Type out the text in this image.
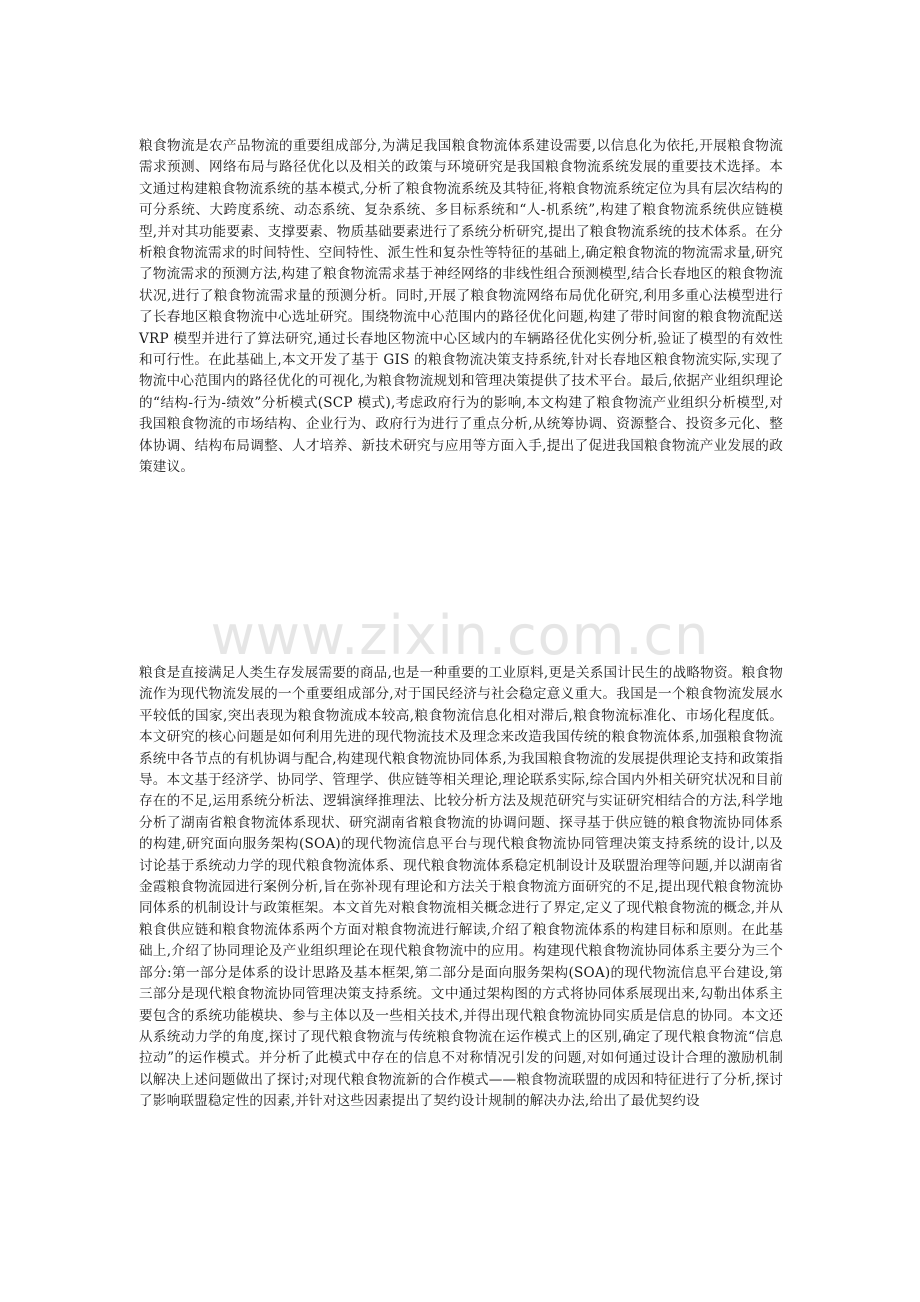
粮食物流是农产品物流的重要组成部分,为满足我国粮食物流体系建设需要,以信息化为依托,开展粮食物流需求预测、网络布局与路径优化以及相关的政策与环境研究是我国粮食物流系统发展的重要技术选择。本文通过构建粮食物流系统的基本模式,分析了粮食物流系统及其特征,将粮食物流系统定位为具有层次结构的可分系统、大跨度系统、动态系统、复杂系统、多目标系统和“人-机系统”,构建了粮食物流系统供应链模型,并对其功能要素、支撑要素、物质基础要素进行了系统分析研究,提出了粮食物流系统的技术体系。在分析粮食物流需求的时间特性、空间特性、派生性和复杂性等特征的基础上,确定粮食物流的物流需求量,研究了物流需求的预测方法,构建了粮食物流需求基于神经网络的非线性组合预测模型,结合长春地区的粮食物流状况,进行了粮食物流需求量的预测分析。同时,开展了粮食物流网络布局优化研究,利用多重心法模型进行了长春地区粮食物流中心选址研究。围绕物流中心范围内的路径优化问题,构建了带时间窗的粮食物流配送 VRP 模型并进行了算法研究,通过长春地区物流中心区域内的车辆路径优化实例分析,验证了模型的有效性和可行性。在此基础上,本文开发了基于 GIS 的粮食物流决策支持系统,针对长春地区粮食物流实际,实现了物流中心范围内的路径优化的可视化,为粮食物流规划和管理决策提供了技术平台。最后,依据产业组织理论的“结构-行为-绩效”分析模式(SCP 模式),考虑政府行为的影响,本文构建了粮食物流产业组织分析模型,对我国粮食物流的市场结构、企业行为、政府行为进行了重点分析,从统筹协调、资源整合、投资多元化、整体协调、结构布局调整、人才培养、新技术研究与应用等方面入手,提出了促进我国粮食物流产业发展的政策建议。

www.zixin.com.cn

粮食是直接满足人类生存发展需要的商品,也是一种重要的工业原料,更是关系国计民生的战略物资。粮食物流作为现代物流发展的一个重要组成部分,对于国民经济与社会稳定意义重大。我国是一个粮食物流发展水平较低的国家,突出表现为粮食物流成本较高,粮食物流信息化相对滞后,粮食物流标准化、市场化程度低。本文研究的核心问题是如何利用先进的现代物流技术及理念来改造我国传统的粮食物流体系,加强粮食物流系统中各节点的有机协调与配合,构建现代粮食物流协同体系,为我国粮食物流的发展提供理论支持和政策指导。本文基于经济学、协同学、管理学、供应链等相关理论,理论联系实际,综合国内外相关研究状况和目前存在的不足,运用系统分析法、逻辑演绎推理法、比较分析方法及规范研究与实证研究相结合的方法,科学地分析了湖南省粮食物流体系现状、研究湖南省粮食物流的协调问题、探寻基于供应链的粮食物流协同体系的构建,研究面向服务架构(SOA)的现代物流信息平台与现代粮食物流协同管理决策支持系统的设计,以及讨论基于系统动力学的现代粮食物流体系、现代粮食物流体系稳定机制设计及联盟治理等问题,并以湖南省金霞粮食物流园进行案例分析,旨在弥补现有理论和方法关于粮食物流方面研究的不足,提出现代粮食物流协同体系的机制设计与政策框架。本文首先对粮食物流相关概念进行了界定,定义了现代粮食物流的概念,并从粮食供应链和粮食物流体系两个方面对粮食物流进行解读,介绍了粮食物流体系的构建目标和原则。在此基础上,介绍了协同理论及产业组织理论在现代粮食物流中的应用。构建现代粮食物流协同体系主要分为三个部分:第一部分是体系的设计思路及基本框架,第二部分是面向服务架构(SOA)的现代物流信息平台建设,第三部分是现代粮食物流协同管理决策支持系统。文中通过架构图的方式将协同体系展现出来,勾勒出体系主要包含的系统功能模块、参与主体以及一些相关技术,并得出现代粮食物流协同实质是信息的协同。本文还从系统动力学的角度,探讨了现代粮食物流与传统粮食物流在运作模式上的区别,确定了现代粮食物流“信息拉动”的运作模式。并分析了此模式中存在的信息不对称情况引发的问题,对如何通过设计合理的激励机制以解决上述问题做出了探讨;对现代粮食物流新的合作模式——粮食物流联盟的成因和特征进行了分析,探讨了影响联盟稳定性的因素,并针对这些因素提出了契约设计规制的解决办法,给出了最优契约设
